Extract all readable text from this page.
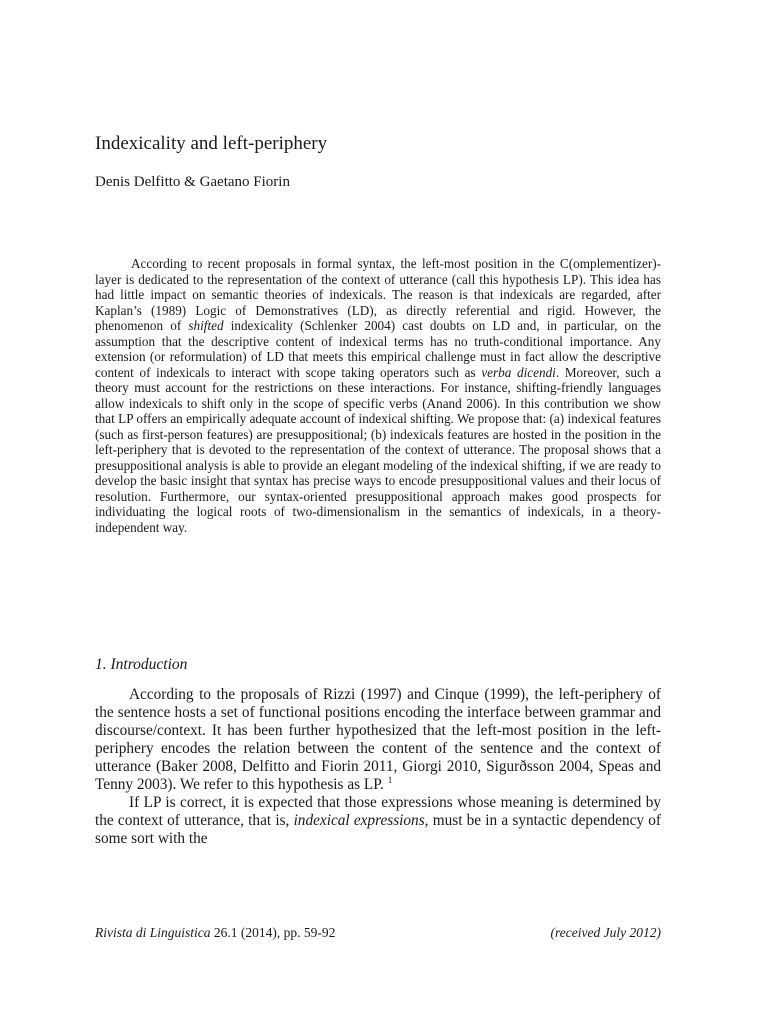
Indexicality and left-periphery
Denis Delfitto & Gaetano Fiorin

According to recent proposals in formal syntax, the left-most position in the C(omplementizer)-layer is dedicated to the representation of the context of utterance (call this hypothesis LP). This idea has had little impact on semantic theories of indexicals. The reason is that indexicals are regarded, after Kaplan’s (1989) Logic of Demonstratives (LD), as directly referential and rigid. However, the phenomenon of shifted indexicality (Schlenker 2004) cast doubts on LD and, in particular, on the assumption that the descriptive content of indexical terms has no truth-conditional importance. Any extension (or reformulation) of LD that meets this empirical challenge must in fact allow the descriptive content of indexicals to interact with scope taking operators such as verba dicendi. Moreover, such a theory must account for the restrictions on these interactions. For instance, shifting-friendly languages allow indexicals to shift only in the scope of specific verbs (Anand 2006). In this contribution we show that LP offers an empirically adequate account of indexical shifting. We propose that: (a) indexical features (such as first-person features) are presuppositional; (b) indexicals features are hosted in the position in the left-periphery that is devoted to the representation of the context of utterance. The proposal shows that a presuppositional analysis is able to provide an elegant modeling of the indexical shifting, if we are ready to develop the basic insight that syntax has precise ways to encode presuppositional values and their locus of resolution. Furthermore, our syntax-oriented presuppositional approach makes good prospects for individuating the logical roots of two-dimensionalism in the semantics of indexicals, in a theory-independent way.

1. Introduction

According to the proposals of Rizzi (1997) and Cinque (1999), the left-periphery of the sentence hosts a set of functional positions encoding the interface between grammar and discourse/context. It has been further hypothesized that the left-most position in the left-periphery encodes the relation between the content of the sentence and the context of utterance (Baker 2008, Delfitto and Fiorin 2011, Giorgi 2010, Sigurðsson 2004, Speas and Tenny 2003). We refer to this hypothesis as LP. $^1$

If LP is correct, it is expected that those expressions whose meaning is determined by the context of utterance, that is, indexical expressions, must be in a syntactic dependency of some sort with the

Rivista di Linguistica 26.1 (2014), pp. 59-92	(received July 2012)
